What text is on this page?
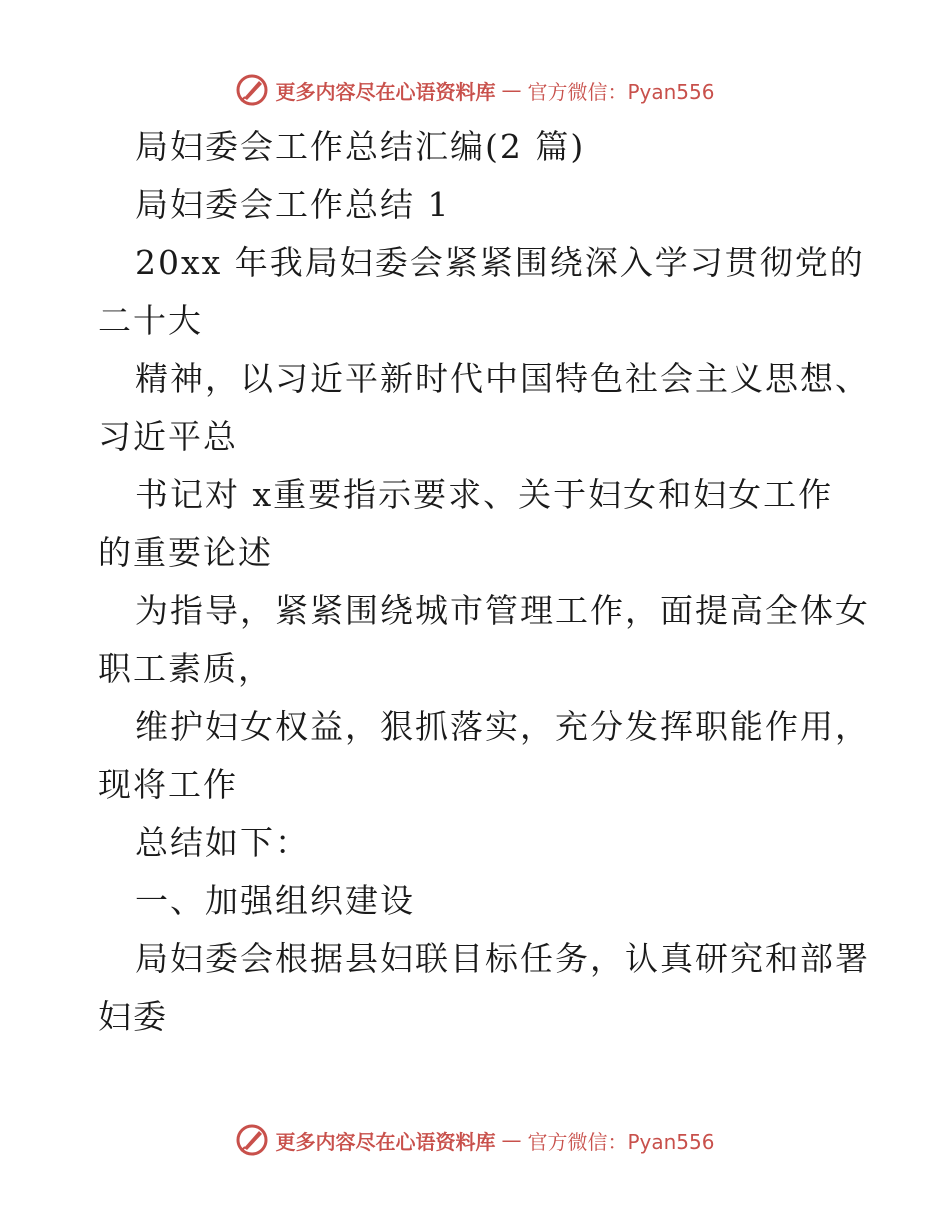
更多内容尽在心语资料库 — 官方微信：Pyan556
局妇委会工作总结汇编(2 篇)
局妇委会工作总结 1
20xx 年我局妇委会紧紧围绕深入学习贯彻党的
二十大
精神，以习近平新时代中国特色社会主义思想、
习近平总
书记对 x重要指示要求、关于妇女和妇女工作
的重要论述
为指导，紧紧围绕城市管理工作，面提高全体女
职工素质，
维护妇女权益，狠抓落实，充分发挥职能作用，
现将工作
总结如下：
一、加强组织建设
局妇委会根据县妇联目标任务，认真研究和部署
妇委
更多内容尽在心语资料库 — 官方微信：Pyan556
